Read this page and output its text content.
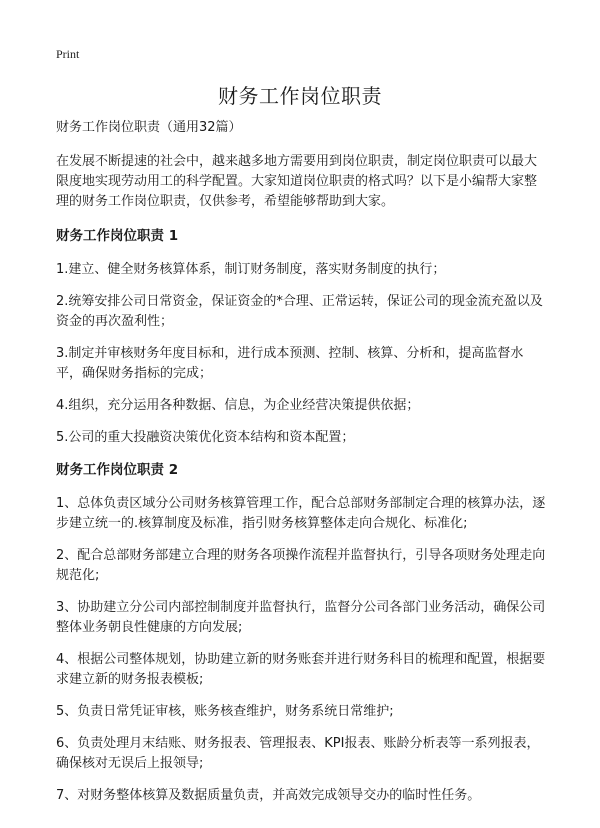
Print
财务工作岗位职责

财务工作岗位职责（通用32篇）

在发展不断提速的社会中，越来越多地方需要用到岗位职责，制定岗位职责可以最大限度地实现劳动用工的科学配置。大家知道岗位职责的格式吗？以下是小编帮大家整理的财务工作岗位职责，仅供参考，希望能够帮助到大家。

财务工作岗位职责 1

1.建立、健全财务核算体系，制订财务制度，落实财务制度的执行；

2.统筹安排公司日常资金，保证资金的*合理、正常运转，保证公司的现金流充盈以及资金的再次盈利性；

3.制定并审核财务年度目标和，进行成本预测、控制、核算、分析和，提高监督水平，确保财务指标的完成；

4.组织，充分运用各种数据、信息，为企业经营决策提供依据；

5.公司的重大投融资决策优化资本结构和资本配置；

财务工作岗位职责 2

1、总体负责区域分公司财务核算管理工作，配合总部财务部制定合理的核算办法，逐步建立统一的.核算制度及标准，指引财务核算整体走向合规化、标准化;

2、配合总部财务部建立合理的财务各项操作流程并监督执行，引导各项财务处理走向规范化;

3、协助建立分公司内部控制制度并监督执行，监督分公司各部门业务活动，确保公司整体业务朝良性健康的方向发展;

4、根据公司整体规划，协助建立新的财务账套并进行财务科目的梳理和配置，根据要求建立新的财务报表模板;

5、负责日常凭证审核，账务核查维护，财务系统日常维护;

6、负责处理月末结账、财务报表、管理报表、KPI报表、账龄分析表等一系列报表，确保核对无误后上报领导;

7、对财务整体核算及数据质量负责，并高效完成领导交办的临时性任务。
